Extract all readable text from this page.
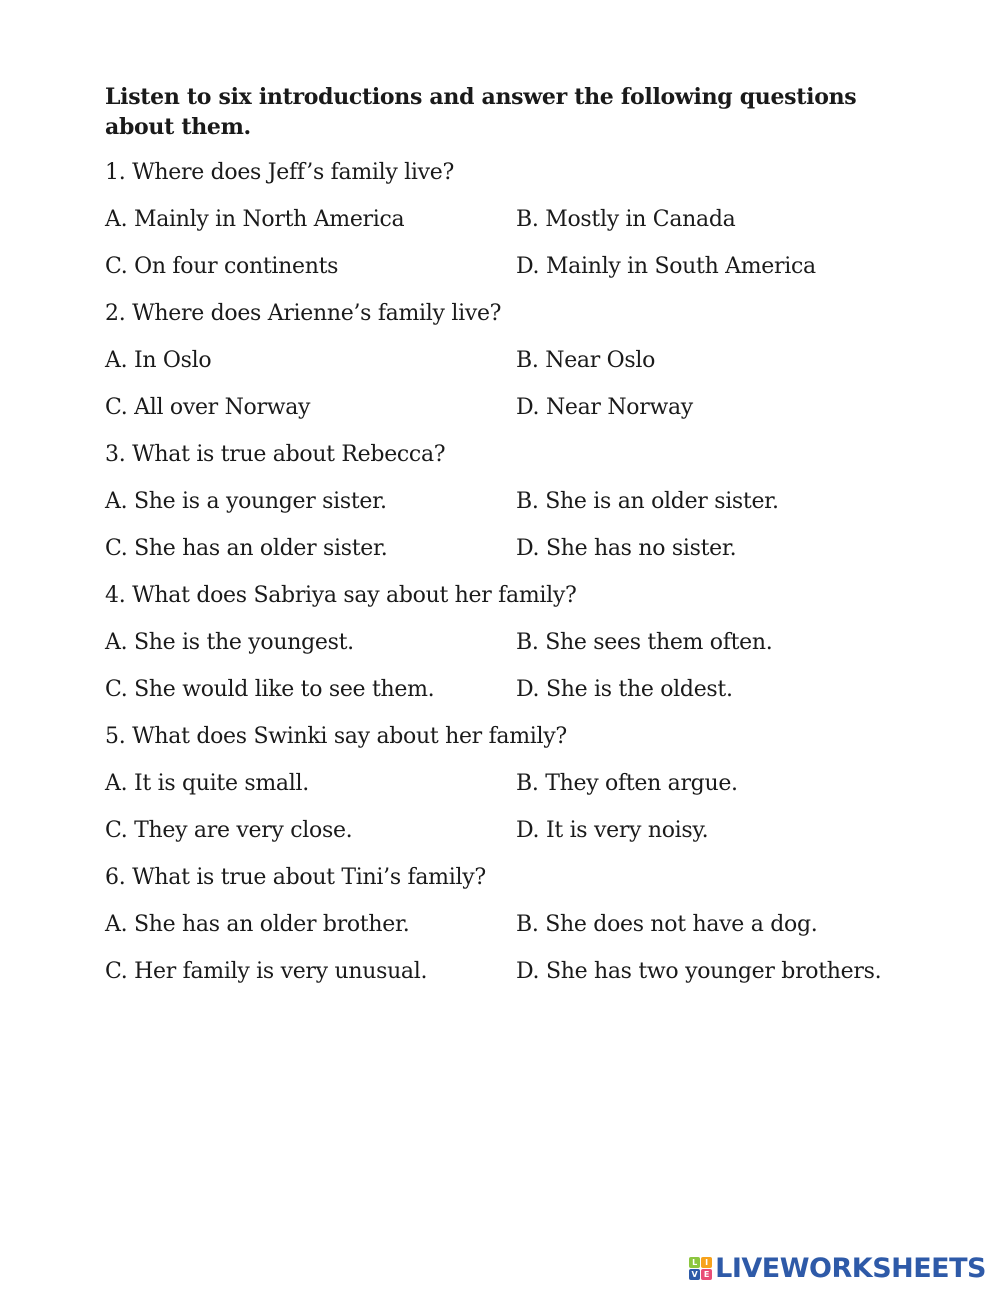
Listen to six introductions and answer the following questions about them.

1. Where does Jeff’s family live?

A. Mainly in North America	B. Mostly in Canada
C. On four continents	D. Mainly in South America

2. Where does Arienne’s family live?

A. In Oslo	B. Near Oslo
C. All over Norway	D. Near Norway

3. What is true about Rebecca?

A. She is a younger sister.	B. She is an older sister.
C. She has an older sister.	D. She has no sister.

4. What does Sabriya say about her family?

A. She is the youngest.	B. She sees them often.
C. She would like to see them.	D. She is the oldest.

5. What does Swinki say about her family?

A. It is quite small.	B. They often argue.
C. They are very close.	D. It is very noisy.

6. What is true about Tini’s family?

A. She has an older brother.	B. She does not have a dog.
C. Her family is very unusual.	D. She has two younger brothers.
L I
V E LIVEWORKSHEETS
